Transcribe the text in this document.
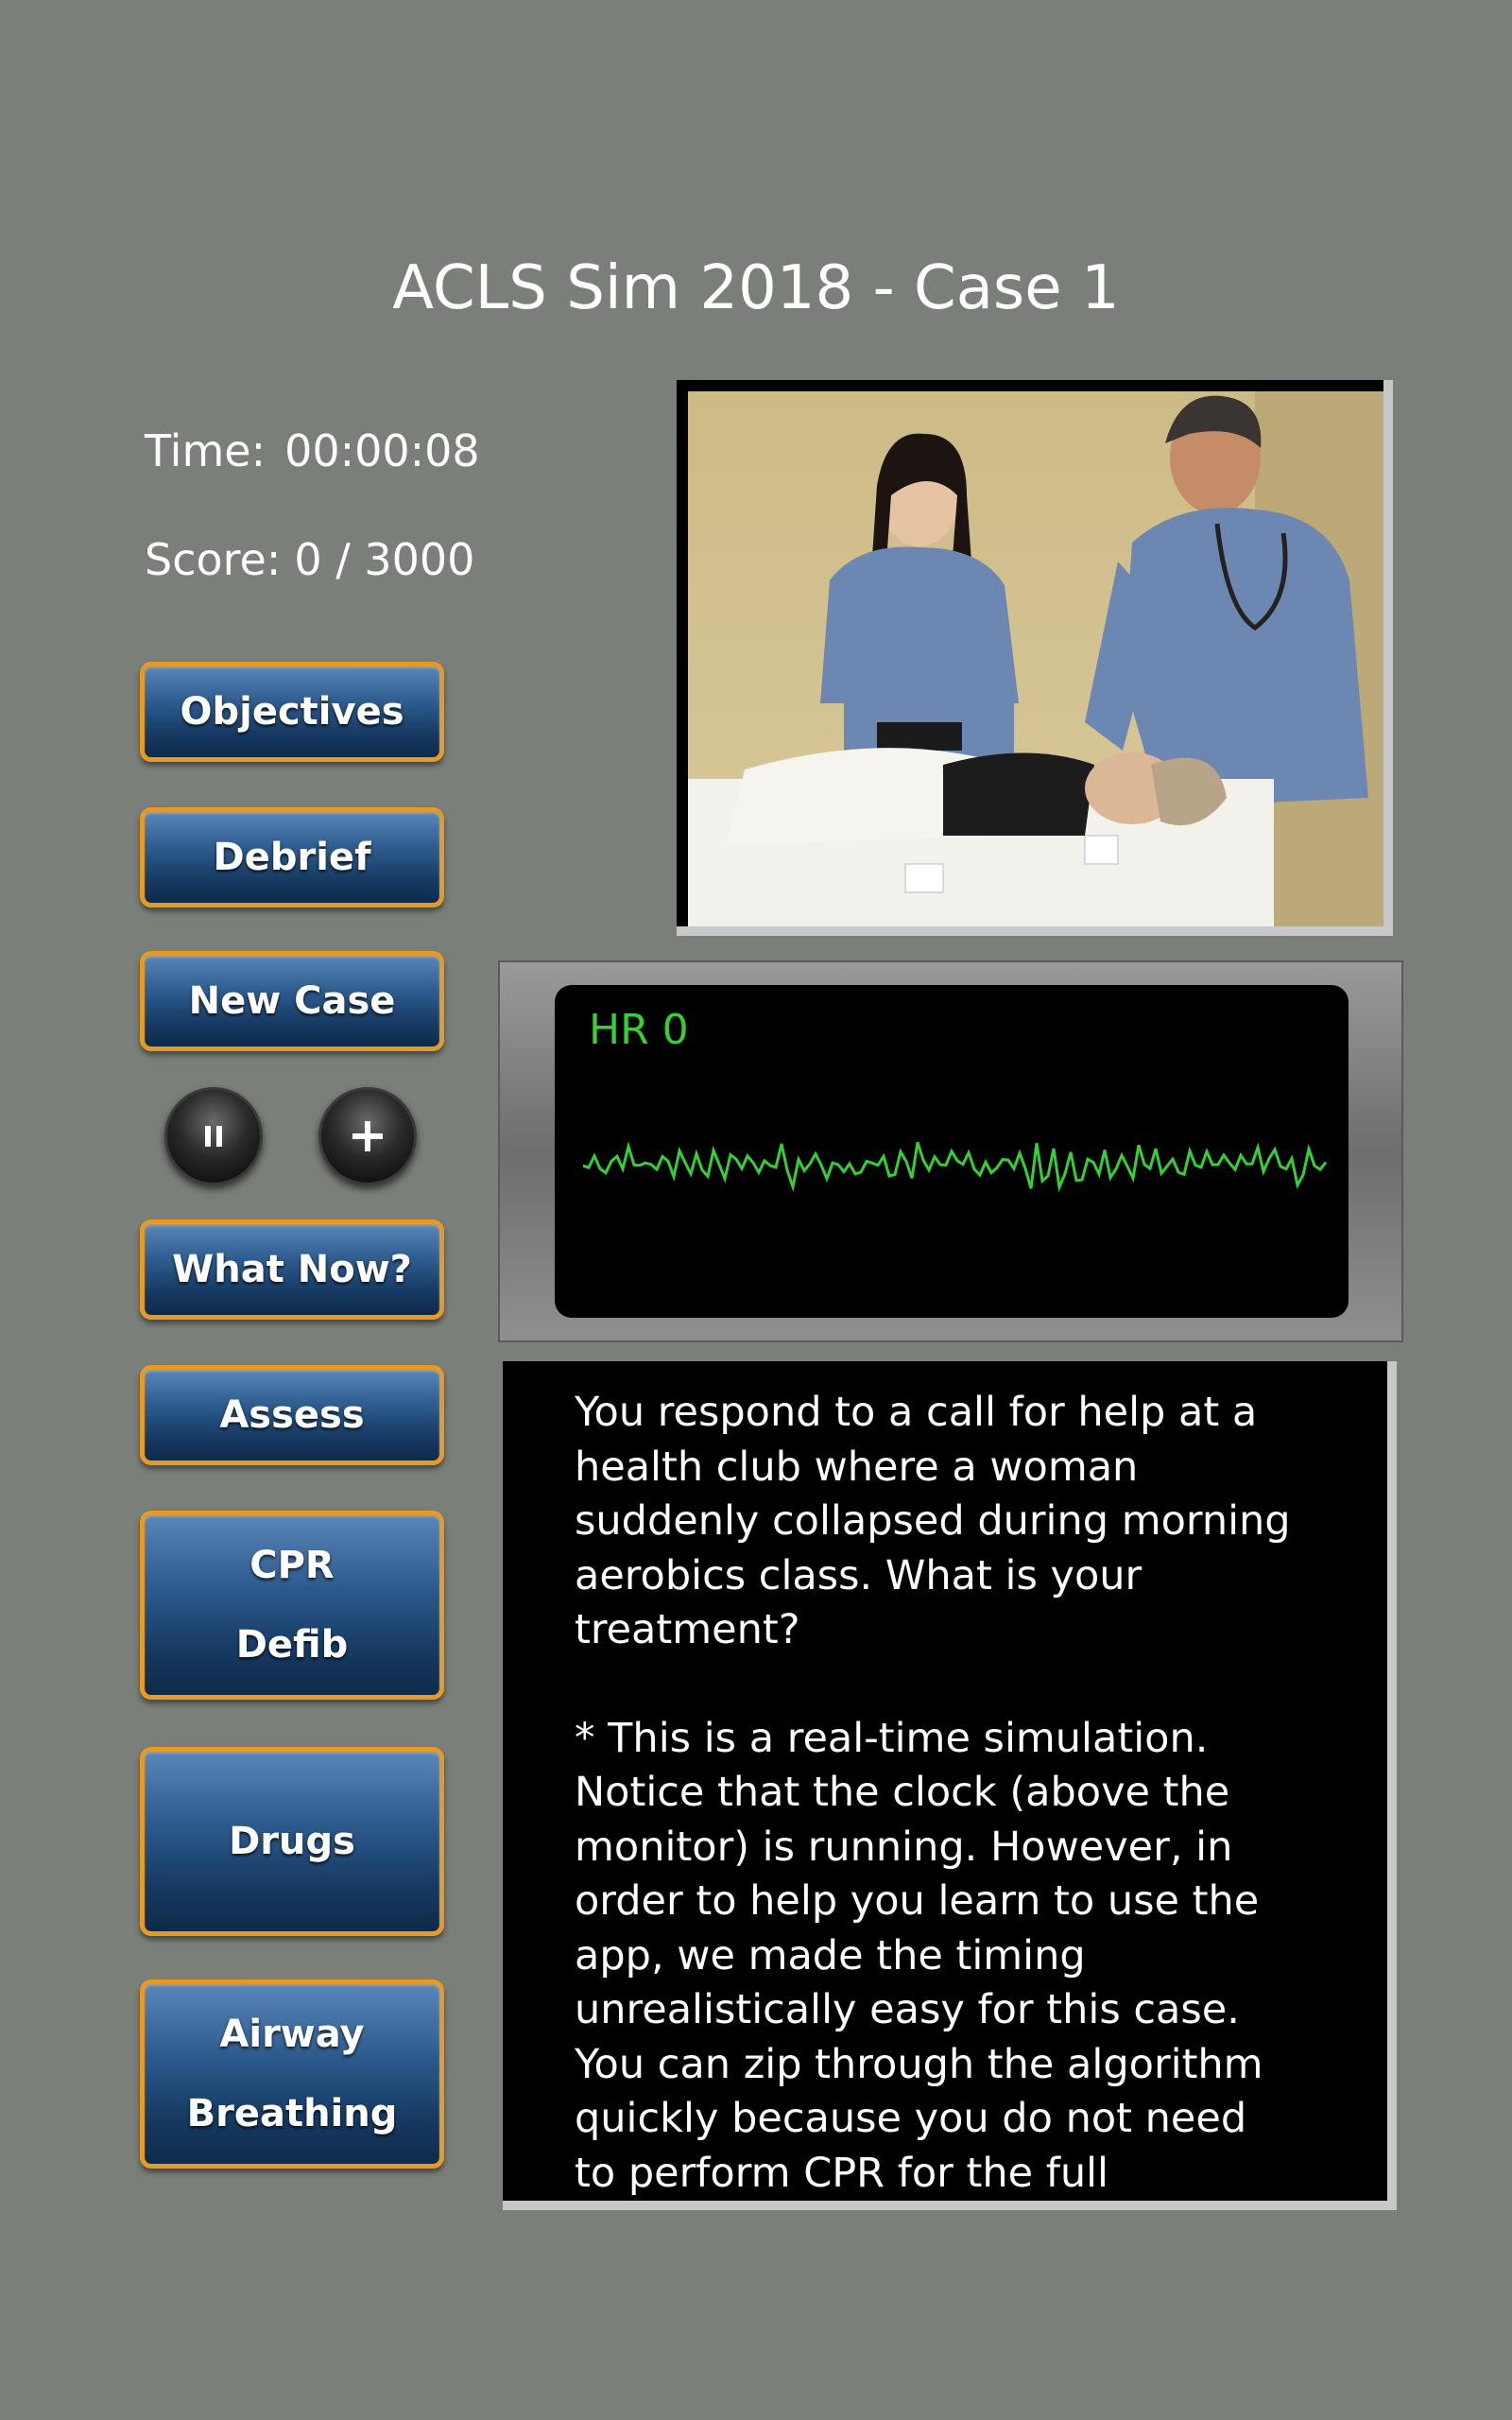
ACLS Sim 2018 - Case 1
Time: 00:00:08
Score: 0 / 3000
Objectives
Debrief
New Case
What Now?
Assess
CPR
Defib
Drugs
Airway
Breathing
HR 0

You respond to a call for help at a health club where a woman suddenly collapsed during morning aerobics class. What is your treatment?

* This is a real-time simulation. Notice that the clock (above the monitor) is running. However, in order to help you learn to use the app, we made the timing unrealistically easy for this case. You can zip through the algorithm quickly because you do not need to perform CPR for the full
